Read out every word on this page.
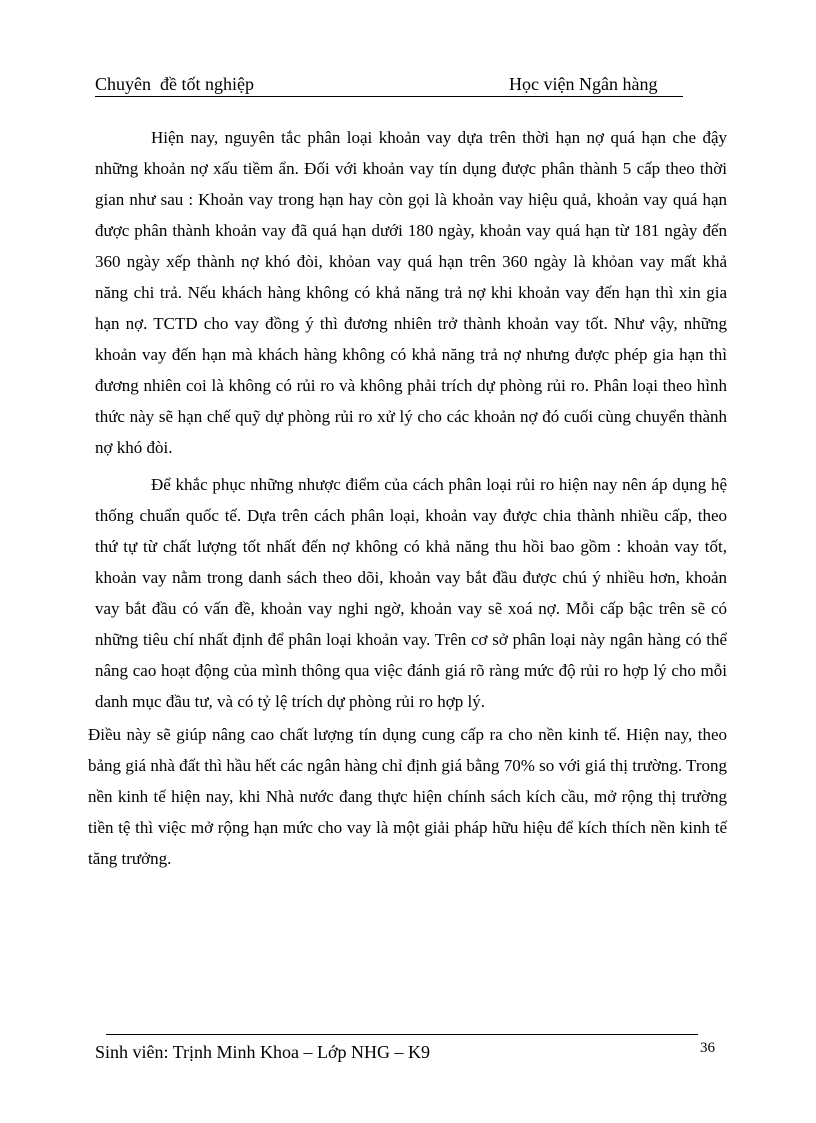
Chuyên  đề tốt nghiệp	Học viện Ngân hàng

Hiện nay, nguyên tắc phân loại khoản vay dựa trên thời hạn nợ quá hạn che đậy những khoản nợ xấu tiềm ẩn. Đối với khoản vay tín dụng được phân thành 5 cấp theo thời gian như sau : Khoản vay trong hạn hay còn gọi là khoản vay hiệu quả, khoản vay quá hạn được phân thành khoản vay đã quá hạn dưới 180 ngày, khoản vay quá hạn từ 181 ngày đến 360 ngày xếp thành nợ khó đòi, khỏan vay quá hạn trên 360 ngày là khỏan vay mất khả năng chi trả. Nếu khách hàng không có khả năng trả nợ khi khoản vay đến hạn thì xin gia hạn nợ. TCTD cho vay đồng ý thì đương nhiên trở thành khoản vay tốt. Như vậy, những khoản vay đến hạn mà khách hàng không có khả năng trả nợ nhưng được phép gia hạn thì đương nhiên coi là không có rủi ro và không phải trích dự phòng rủi ro. Phân loại theo hình thức này sẽ hạn chế quỹ dự phòng rủi ro xử lý cho các khoản nợ đó cuối cùng chuyển thành nợ khó đòi.

Để khắc phục những nhược điểm của cách phân loại rủi ro hiện nay nên áp dụng hệ thống chuẩn quốc tế. Dựa trên cách phân loại, khoản vay được chia thành nhiều cấp, theo thứ tự từ chất lượng tốt nhất đến nợ không có khả năng thu hồi bao gồm : khoản vay tốt, khoản vay nằm trong danh sách theo dõi, khoản vay bắt đầu được chú ý nhiều hơn, khoản vay bắt đầu có vấn đề, khoản vay nghi ngờ, khoản vay sẽ xoá nợ. Mỗi cấp bậc trên sẽ có những tiêu chí nhất định để phân loại khoản vay. Trên cơ sở phân loại này ngân hàng có thể nâng cao hoạt động của mình thông qua việc đánh giá rõ ràng mức độ rủi ro hợp lý cho mỗi danh mục đầu tư, và có tỷ lệ trích dự phòng rủi ro hợp lý.

Điều này sẽ giúp nâng cao chất lượng tín dụng cung cấp ra cho nền kinh tế. Hiện nay, theo bảng giá nhà đất thì hầu hết các ngân hàng chỉ định giá bằng 70% so với giá thị trường. Trong nền kinh tế hiện nay, khi Nhà nước đang thực hiện chính sách kích cầu, mở rộng thị trường tiền tệ thì việc mở rộng hạn mức cho vay là một giải pháp hữu hiệu để kích thích nền kinh tế tăng trưởng.

Sinh viên: Trịnh Minh Khoa – Lớp NHG – K9	36
